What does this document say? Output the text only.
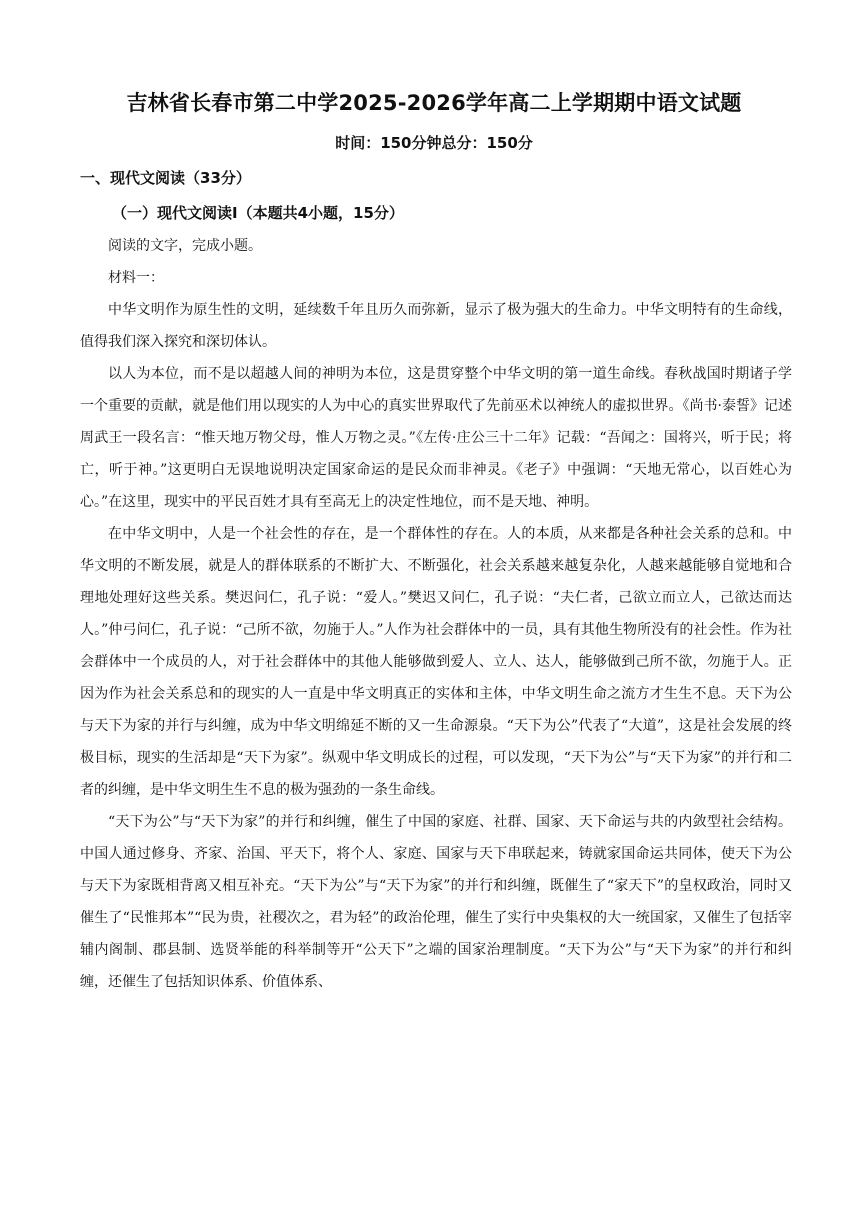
吉林省长春市第二中学2025-2026学年高二上学期期中语文试题
时间：150分钟总分：150分
一、现代文阅读（33分）
（一）现代文阅读Ⅰ（本题共4小题，15分）

阅读的文字，完成小题。

材料一：

中华文明作为原生性的文明，延续数千年且历久而弥新，显示了极为强大的生命力。中华文明特有的生命线，值得我们深入探究和深切体认。

以人为本位，而不是以超越人间的神明为本位，这是贯穿整个中华文明的第一道生命线。春秋战国时期诸子学一个重要的贡献，就是他们用以现实的人为中心的真实世界取代了先前巫术以神统人的虚拟世界。《尚书·泰誓》记述周武王一段名言：“惟天地万物父母，惟人万物之灵。”《左传·庄公三十二年》记载：“吾闻之：国将兴，听于民；将亡，听于神。”这更明白无误地说明决定国家命运的是民众而非神灵。《老子》中强调：“天地无常心，以百姓心为心。”在这里，现实中的平民百姓才具有至高无上的决定性地位，而不是天地、神明。

在中华文明中，人是一个社会性的存在，是一个群体性的存在。人的本质，从来都是各种社会关系的总和。中华文明的不断发展，就是人的群体联系的不断扩大、不断强化，社会关系越来越复杂化，人越来越能够自觉地和合理地处理好这些关系。樊迟问仁，孔子说：“爱人。”樊迟又问仁，孔子说：“夫仁者，己欲立而立人，己欲达而达人。”仲弓问仁，孔子说：“己所不欲，勿施于人。”人作为社会群体中的一员，具有其他生物所没有的社会性。作为社会群体中一个成员的人，对于社会群体中的其他人能够做到爱人、立人、达人，能够做到己所不欲，勿施于人。正因为作为社会关系总和的现实的人一直是中华文明真正的实体和主体，中华文明生命之流方才生生不息。天下为公与天下为家的并行与纠缠，成为中华文明绵延不断的又一生命源泉。“天下为公”代表了“大道”，这是社会发展的终极目标，现实的生活却是“天下为家”。纵观中华文明成长的过程，可以发现，“天下为公”与“天下为家”的并行和二者的纠缠，是中华文明生生不息的极为强劲的一条生命线。

“天下为公”与“天下为家”的并行和纠缠，催生了中国的家庭、社群、国家、天下命运与共的内敛型社会结构。中国人通过修身、齐家、治国、平天下，将个人、家庭、国家与天下串联起来，铸就家国命运共同体，使天下为公与天下为家既相背离又相互补充。“天下为公”与“天下为家”的并行和纠缠，既催生了“家天下”的皇权政治，同时又催生了“民惟邦本”“民为贵，社稷次之，君为轻”的政治伦理，催生了实行中央集权的大一统国家，又催生了包括宰辅内阁制、郡县制、选贤举能的科举制等开“公天下”之端的国家治理制度。“天下为公”与“天下为家”的并行和纠缠，还催生了包括知识体系、价值体系、
